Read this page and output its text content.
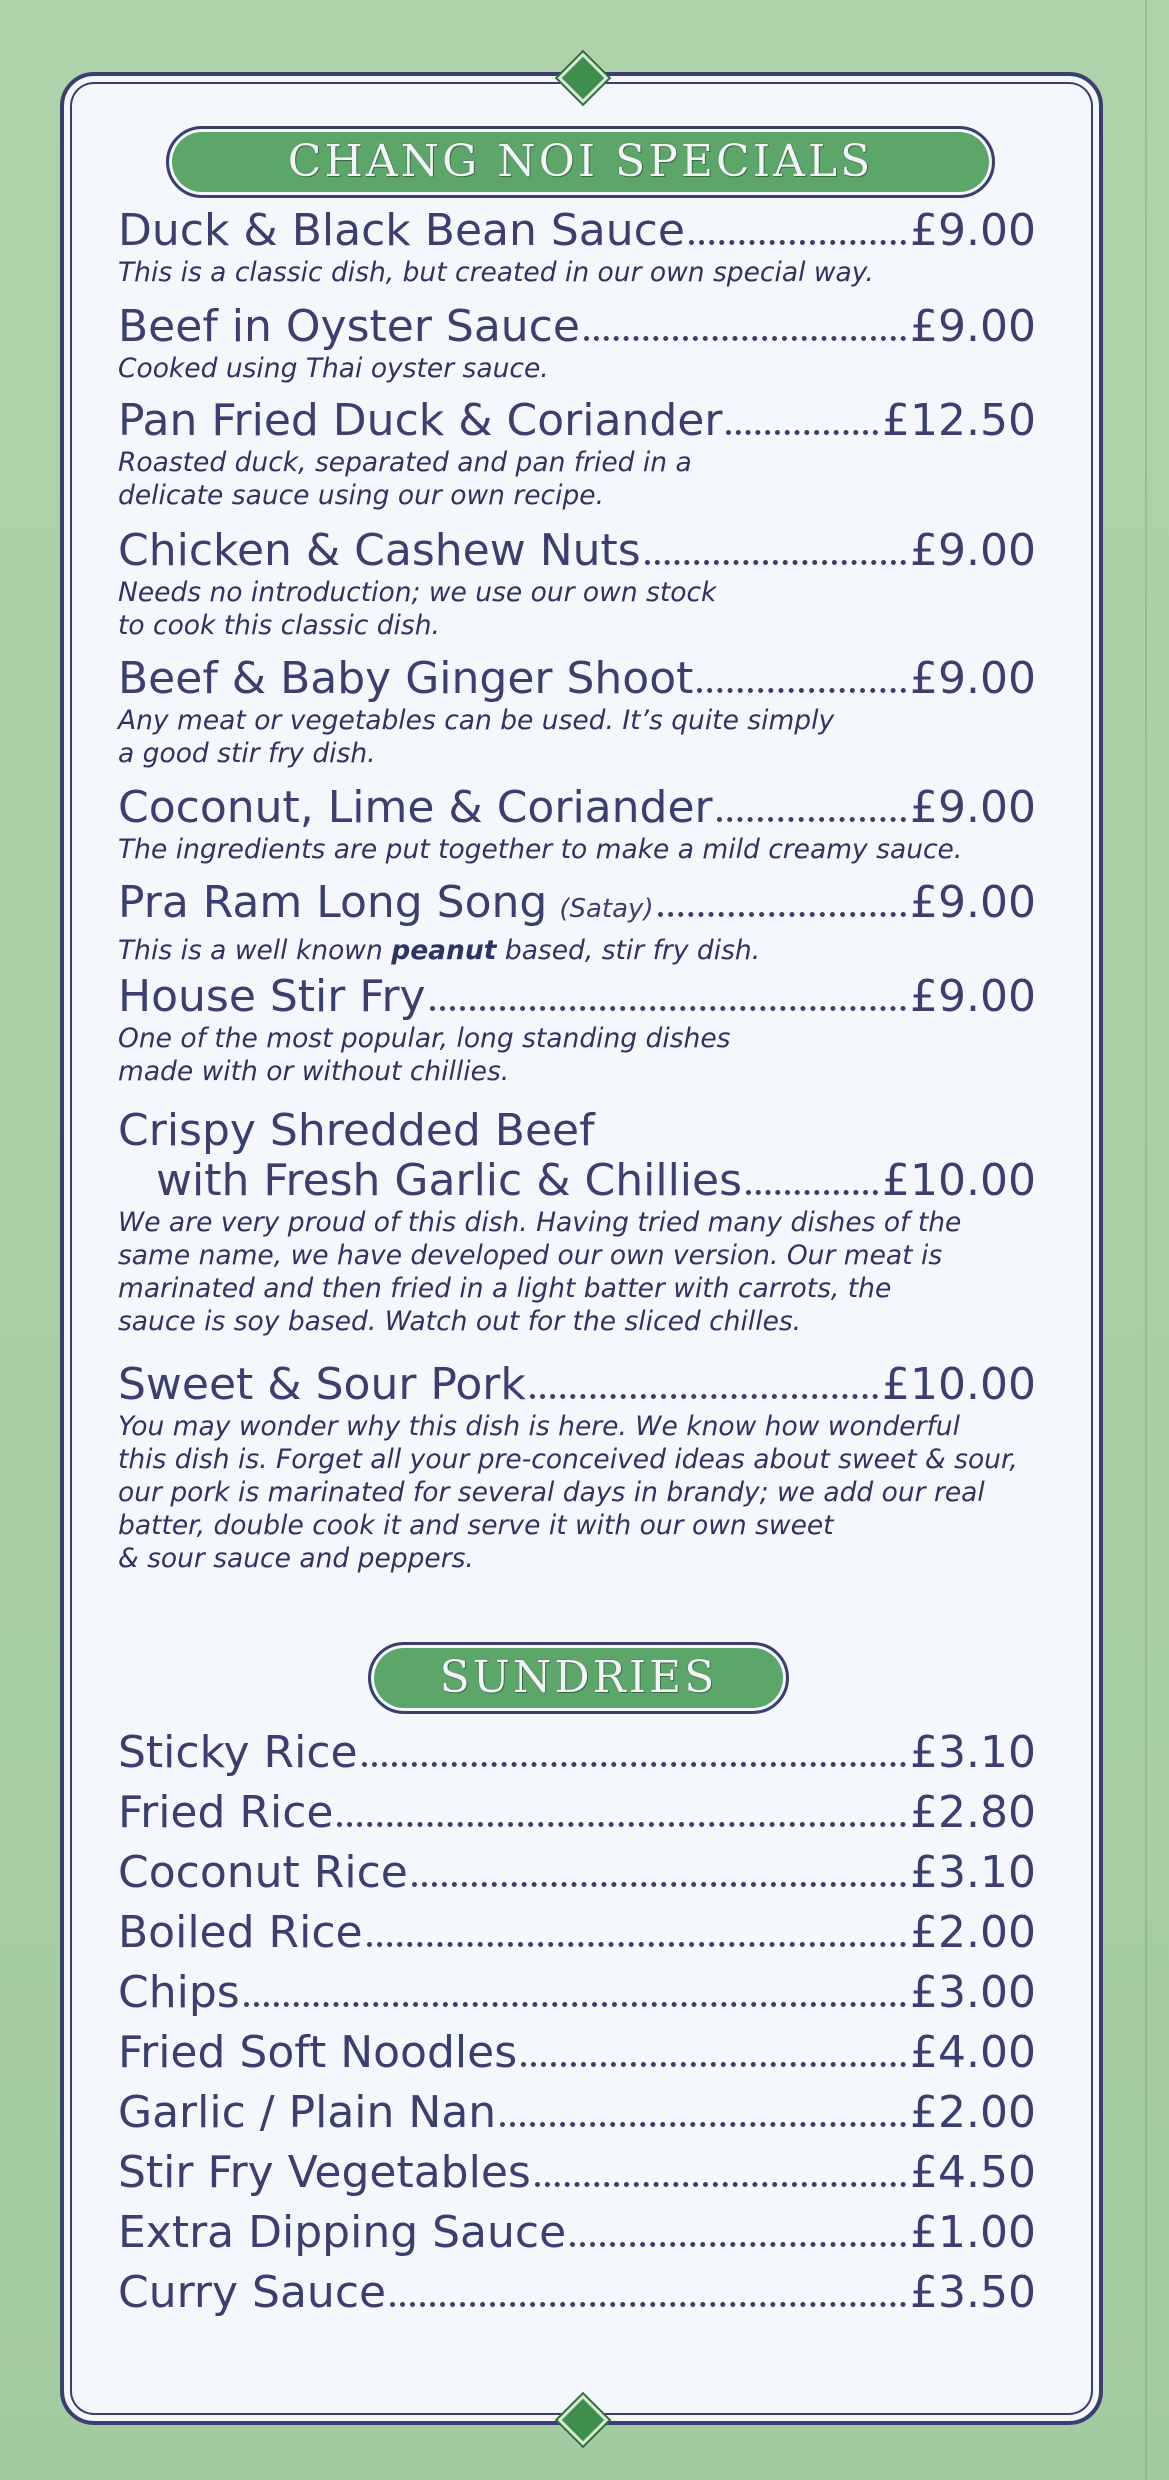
CHANG NOI SPECIALS
Duck & Black Bean Sauce	£9.00
This is a classic dish, but created in our own special way.
Beef in Oyster Sauce	£9.00
Cooked using Thai oyster sauce.
Pan Fried Duck & Coriander	£12.50
Roasted duck, separated and pan fried in a
delicate sauce using our own recipe.
Chicken & Cashew Nuts	£9.00
Needs no introduction; we use our own stock
to cook this classic dish.
Beef & Baby Ginger Shoot	£9.00
Any meat or vegetables can be used. It’s quite simply
a good stir fry dish.
Coconut, Lime & Coriander	£9.00
The ingredients are put together to make a mild creamy sauce.
Pra Ram Long Song (Satay)	£9.00
This is a well known peanut based, stir fry dish.
House Stir Fry	£9.00
One of the most popular, long standing dishes
made with or without chillies.
Crispy Shredded Beef
with Fresh Garlic & Chillies	£10.00
We are very proud of this dish. Having tried many dishes of the
same name, we have developed our own version. Our meat is
marinated and then fried in a light batter with carrots, the
sauce is soy based. Watch out for the sliced chilles.
Sweet & Sour Pork	£10.00
You may wonder why this dish is here. We know how wonderful
this dish is. Forget all your pre-conceived ideas about sweet & sour,
our pork is marinated for several days in brandy; we add our real
batter, double cook it and serve it with our own sweet
& sour sauce and peppers.
SUNDRIES
Sticky Rice	£3.10
Fried Rice	£2.80
Coconut Rice	£3.10
Boiled Rice	£2.00
Chips	£3.00
Fried Soft Noodles	£4.00
Garlic / Plain Nan	£2.00
Stir Fry Vegetables	£4.50
Extra Dipping Sauce	£1.00
Curry Sauce	£3.50
